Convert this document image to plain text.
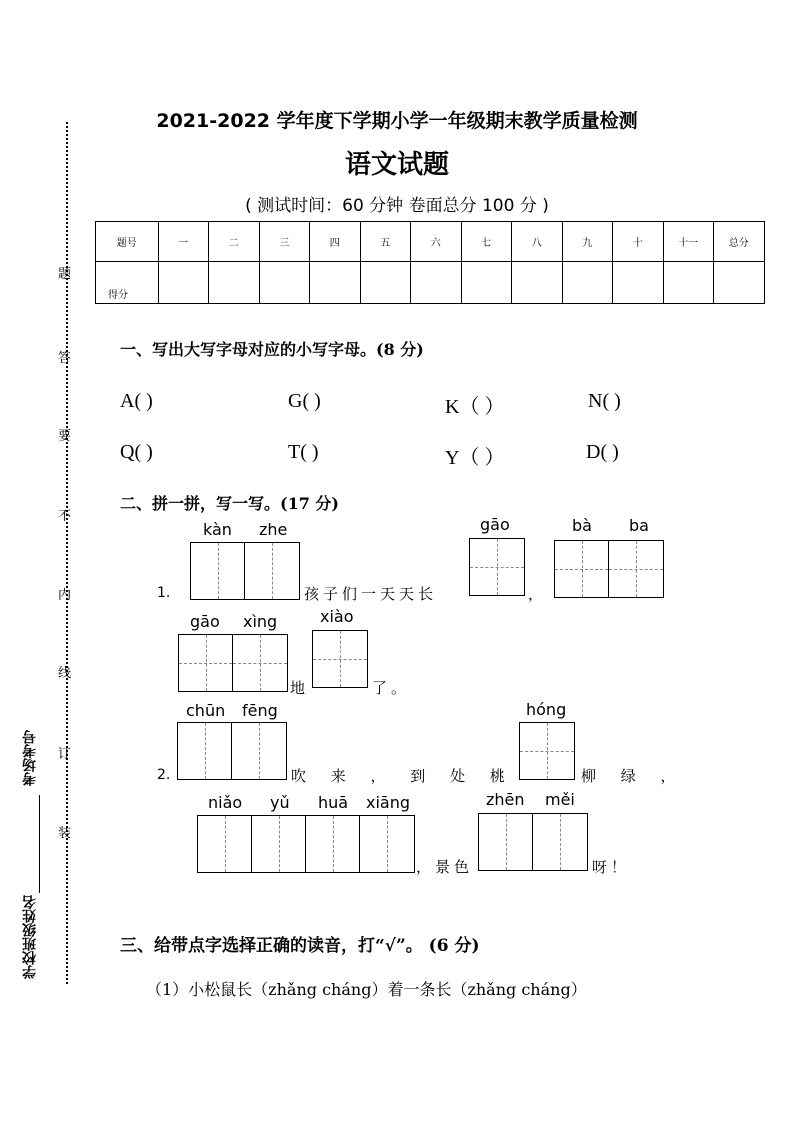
题
答
要
不
内
线
订
装
考场考号
学校班级姓名
2021-2022 学年度下学期小学一年级期末教学质量检测
语文试题
( 测试时间：60 分钟 卷面总分 100 分 )
题号	一	二	三	四	五	六	七	八	九	十	十一	总分
得分												
一、写出大写字母对应的小写字母。(8 分)
A( )	G( )	K（ ）	N( )
Q( )	T( )	Y（ ）	D( )
二、拼一拼，写一写。(17 分)
1.
kàn zhe
孩子们一天天长
gāo
，
bà ba
gāo xìng
地
xiào
了。
chūn fēng
2.	吹 来 ， 到 处 桃
hóng
柳 绿 ，
niǎo yǔ huā xiāng
，景色
zhēn měi
呀！
三、给带点字选择正确的读音，打“√”。 (6 分)
（1）小松鼠长（zhǎng cháng）着一条长（zhǎng cháng）
